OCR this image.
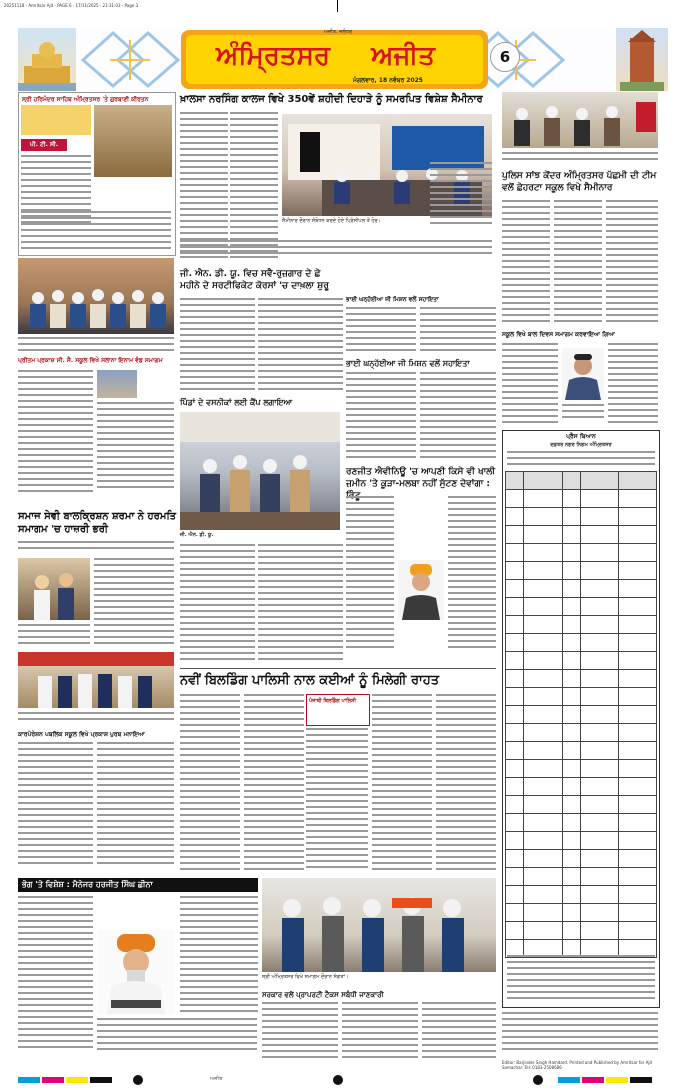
20251118 - Amritsar Ajit - PAGE 6 - 17/11/2025 - 21:31:03 - Page 3
ਅਜੀਤ, ਜਲੰਧਰ
ਅੰਮ੍ਰਿਤਸਰ	ਅਜੀਤ
ਮੰਗਲਵਾਰ, 18 ਨਵੰਬਰ 2025
6
ਸ੍ਰੀ ਹਰਿਮੰਦਰ ਸਾਹਿਬ ਅੰਮ੍ਰਿਤਸਰ 'ਤੇ ਗੁਰਬਾਣੀ ਕੀਰਤਨ
ਪੀ. ਟੀ. ਸੀ.
ਪ੍ਰੀਤਮ ਪ੍ਰਕਾਸ਼ ਸੀ. ਸੈ. ਸਕੂਲ ਵਿਖੇ ਸਲਾਨਾ ਇਨਾਮ ਵੰਡ ਸਮਾਗਮ
ਸਮਾਜ ਸੇਵੀ ਬਾਲਕ੍ਰਿਸ਼ਨ ਸ਼ਰਮਾ ਨੇ ਹਰਮਤਿ ਸਮਾਗਮ 'ਚ ਹਾਜ਼ਰੀ ਭਰੀ
ਕਾਰਪੋਰੇਸ਼ਨ ਪਬਲਿਕ ਸਕੂਲ ਵਿਖੇ ਪ੍ਰਕਾਸ਼ ਪੁਰਬ ਮਨਾਇਆ
ਭੋਗ 'ਤੇ ਵਿਸ਼ੇਸ਼ : ਮੈਨੇਜਰ ਹਰਜੀਤ ਸਿੰਘ ਛੀਨਾ
ਖ਼ਾਲਸਾ ਨਰਸਿੰਗ ਕਾਲਜ ਵਿਖੇ 350ਵੇਂ ਸ਼ਹੀਦੀ ਦਿਹਾੜੇ ਨੂੰ ਸਮਰਪਿਤ ਵਿਸ਼ੇਸ਼ ਸੈਮੀਨਾਰ
ਸੈਮੀਨਾਰ ਦੌਰਾਨ ਸੰਬੋਧਨ ਕਰਦੇ ਹੋਏ ਪ੍ਰਿੰਸੀਪਲ ਤੇ ਹੋਰ।
ਜੀ. ਐਨ. ਡੀ. ਯੂ. ਵਿਚ ਸਵੈ-ਰੁਜ਼ਗਾਰ ਦੇ ਛੇ ਮਹੀਨੇ ਦੇ ਸਰਟੀਫਿਕੇਟ ਕੋਰਸਾਂ 'ਚ ਦਾਖ਼ਲਾ ਸ਼ੁਰੂ
ਪਿੰਡਾਂ ਦੇ ਵਸਨੀਕਾਂ ਲਈ ਕੈਂਪ ਲਗਾਇਆ
ਜੀ. ਐਨ. ਡੀ. ਯੂ.
ਭਾਈ ਘਨ੍ਹੱਈਆ ਜੀ ਮਿਸ਼ਨ ਵਲੋਂ ਸਹਾਇਤਾ
ਭਾਈ ਘਨ੍ਹੱਈਆ ਜੀ ਮਿਸ਼ਨ ਵਲੋਂ ਸਹਾਇਤਾ
ਰਣਜੀਤ ਐਵੀਨਿਊ 'ਚ ਆਪਣੀ ਕਿਸੇ ਵੀ ਖਾਲੀ ਜ਼ਮੀਨ 'ਤੇ ਕੂੜਾ-ਮਲਬਾ ਨਹੀਂ ਸੁੱਟਣ ਦੇਵਾਂਗਾ :
ਨਵੀਂ ਬਿਲਡਿੰਗ ਪਾਲਿਸੀ ਨਾਲ ਕਈਆਂ ਨੂੰ ਮਿਲੇਗੀ ਰਾਹਤ
ਪੰਜਾਬੀ ਬਿਲਡਿੰਗ ਪਾਲਿਸੀ
ਸ੍ਰੀ ਅੰਮ੍ਰਿਤਸਰ ਵਿਖੇ ਸਮਾਗਮ ਦੌਰਾਨ ਸੰਗਤਾਂ।
ਸਰਕਾਰ ਵਲੋਂ ਪ੍ਰਾਪਰਟੀ ਟੈਕਸ ਸਬੰਧੀ ਜਾਣਕਾਰੀ
ਪੁਲਿਸ ਸਾਂਝ ਕੇਂਦਰ ਅੰਮ੍ਰਿਤਸਰ ਪੱਛਮੀ ਦੀ ਟੀਮ ਵਲੋਂ ਛੇਹਰਟਾ ਸਕੂਲ ਵਿਖੇ ਸੈਮੀਨਾਰ
ਸਕੂਲ ਵਿਖੇ ਬਾਲ ਦਿਵਸ ਸਮਾਗਮ ਕਰਵਾਇਆ ਗਿਆ
ਪ੍ਰੈਸ ਬਿਆਨ
ਦਫ਼ਤਰ ਨਗਰ ਨਿਗਮ ਅੰਮ੍ਰਿਤਸਰ

Editor: Barjinder Singh Hamdard. Printed and Published by Amritsar for Ajit Samachar. Tel: 0183-2508686
ਅਜੀਤ
